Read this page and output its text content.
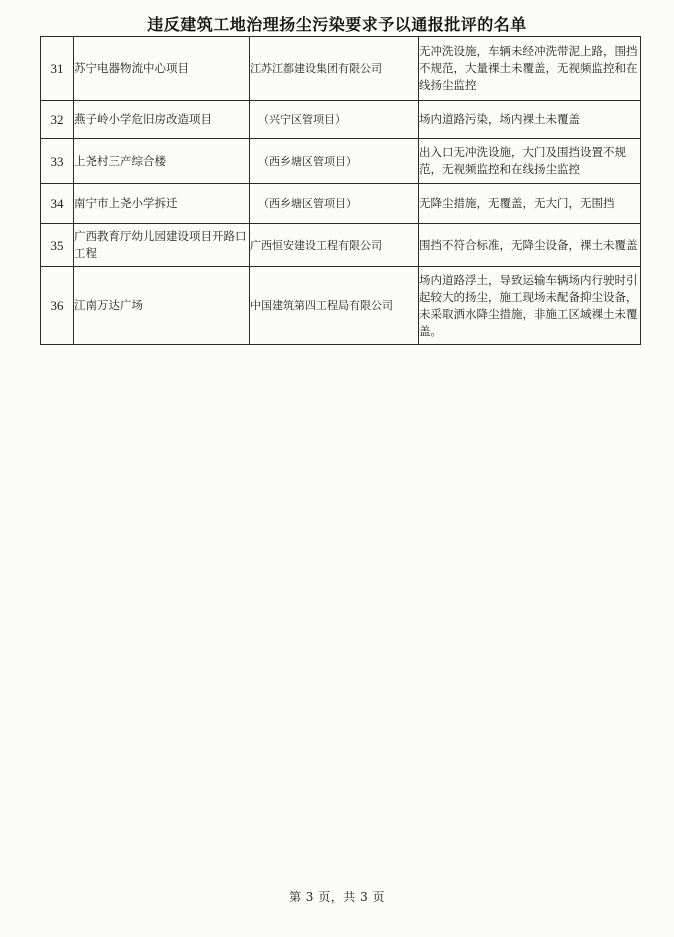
违反建筑工地治理扬尘污染要求予以通报批评的名单
31	苏宁电器物流中心项目	江苏江都建设集团有限公司	无冲洗设施，车辆未经冲洗带泥上路，围挡不规范，大量裸土未覆盖，无视频监控和在线扬尘监控
32	燕子岭小学危旧房改造项目	（兴宁区管项目）	场内道路污染，场内裸土未覆盖
33	上尧村三产综合楼	（西乡塘区管项目）	出入口无冲洗设施，大门及围挡设置不规范，无视频监控和在线扬尘监控
34	南宁市上尧小学拆迁	（西乡塘区管项目）	无降尘措施，无覆盖，无大门，无围挡
35	广西教育厅幼儿园建设项目开路口工程	广西恒安建设工程有限公司	围挡不符合标准，无降尘设备，裸土未覆盖
36	江南万达广场	中国建筑第四工程局有限公司	场内道路浮土，导致运输车辆场内行驶时引起较大的扬尘，施工现场未配备抑尘设备，未采取洒水降尘措施，非施工区域裸土未覆盖。
第 3 页，共 3 页
